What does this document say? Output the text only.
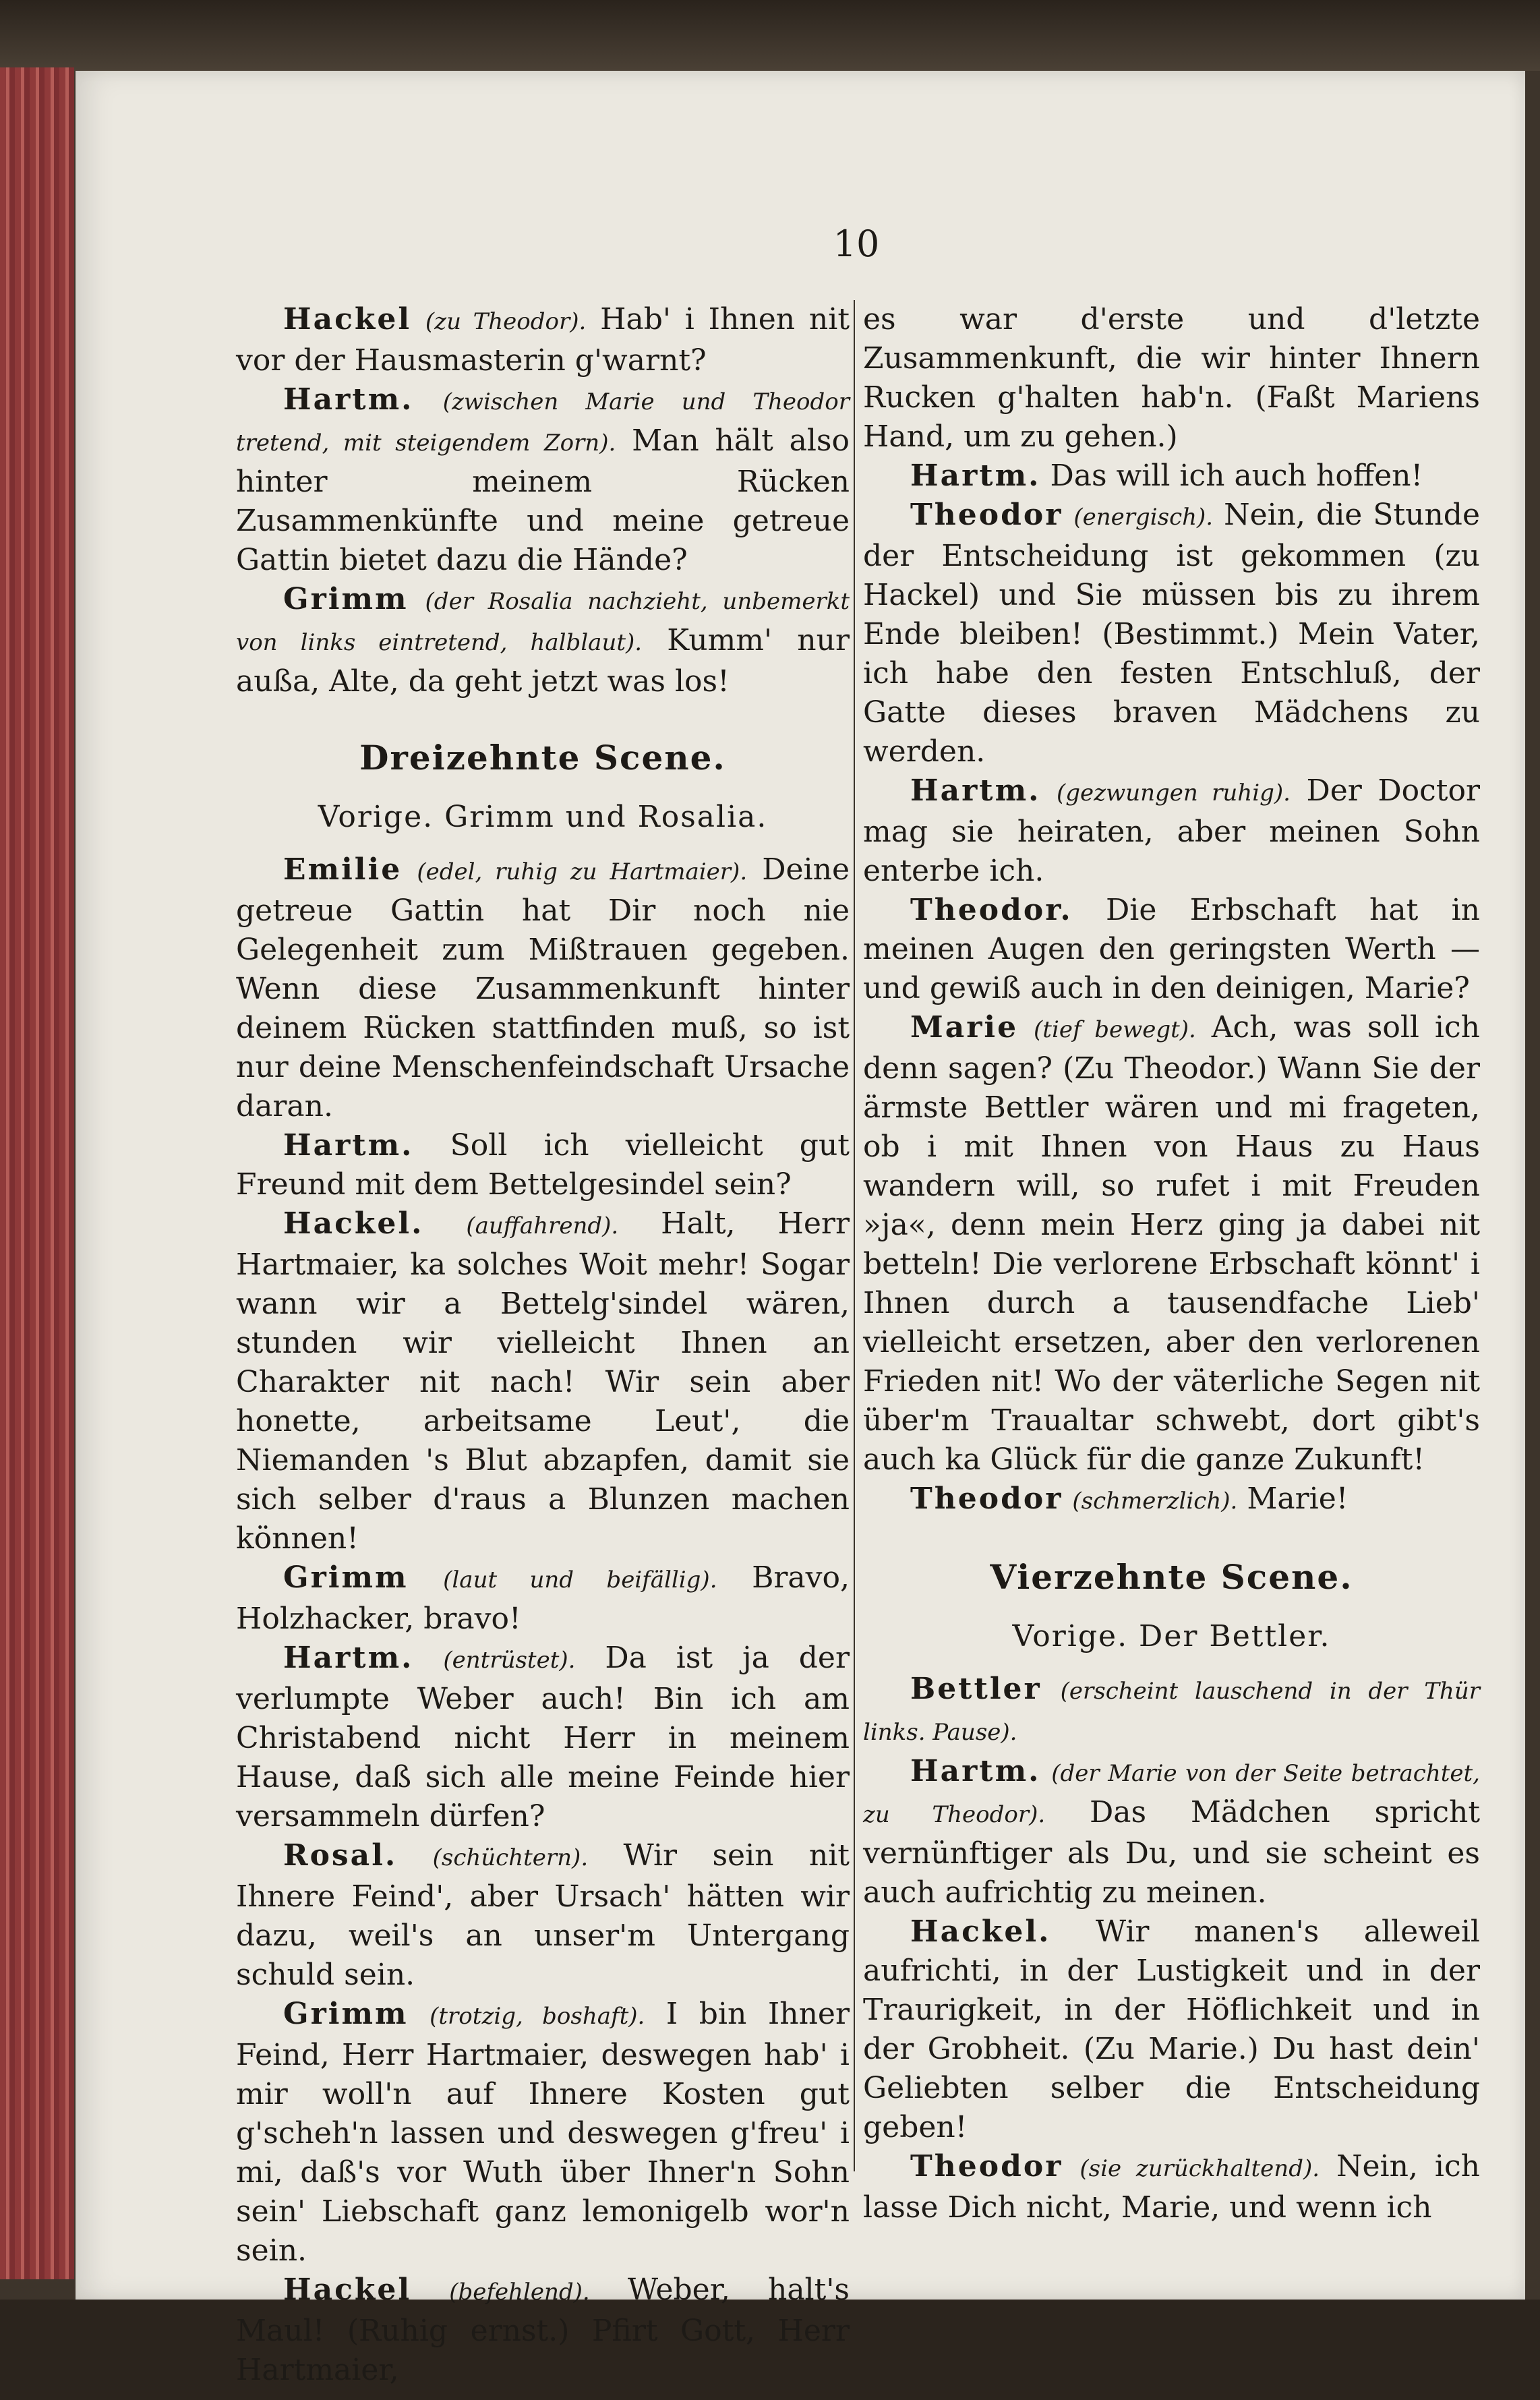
10

Hackel (zu Theodor). Hab' i Ihnen nit vor der Hausmasterin g'warnt?

Hartm. (zwischen Marie und Theodor tretend, mit steigendem Zorn). Man hält also hinter meinem Rücken Zusammenkünfte und meine getreue Gattin bietet dazu die Hände?

Grimm (der Rosalia nachzieht, unbemerkt von links eintretend, halblaut). Kumm' nur außa, Alte, da geht jetzt was los!

Dreizehnte Scene.

Vorige. Grimm und Rosalia.

Emilie (edel, ruhig zu Hartmaier). Deine getreue Gattin hat Dir noch nie Gelegenheit zum Mißtrauen gegeben. Wenn diese Zusammenkunft hinter deinem Rücken stattfinden muß, so ist nur deine Menschenfeindschaft Ursache daran.

Hartm. Soll ich vielleicht gut Freund mit dem Bettelgesindel sein?

Hackel. (auffahrend). Halt, Herr Hartmaier, ka solches Woit mehr! Sogar wann wir a Bettelg'sindel wären, stunden wir vielleicht Ihnen an Charakter nit nach! Wir sein aber honette, arbeitsame Leut', die Niemanden 's Blut abzapfen, damit sie sich selber d'raus a Blunzen machen können!

Grimm (laut und beifällig). Bravo, Holzhacker, bravo!

Hartm. (entrüstet). Da ist ja der verlumpte Weber auch! Bin ich am Christabend nicht Herr in meinem Hause, daß sich alle meine Feinde hier versammeln dürfen?

Rosal. (schüchtern). Wir sein nit Ihnere Feind', aber Ursach' hätten wir dazu, weil's an unser'm Untergang schuld sein.

Grimm (trotzig, boshaft). I bin Ihner Feind, Herr Hartmaier, deswegen hab' i mir woll'n auf Ihnere Kosten gut g'scheh'n lassen und deswegen g'freu' i mi, daß's vor Wuth über Ihner'n Sohn sein' Liebschaft ganz lemonigelb wor'n sein.

Hackel (befehlend). Weber, halt's Maul! (Ruhig ernst.) Pfirt Gott, Herr Hartmaier,

es war d'erste und d'letzte Zusammenkunft, die wir hinter Ihnern Rucken g'halten hab'n. (Faßt Mariens Hand, um zu gehen.)

Hartm. Das will ich auch hoffen!

Theodor (energisch). Nein, die Stunde der Entscheidung ist gekommen (zu Hackel) und Sie müssen bis zu ihrem Ende bleiben! (Bestimmt.) Mein Vater, ich habe den festen Entschluß, der Gatte dieses braven Mädchens zu werden.

Hartm. (gezwungen ruhig). Der Doctor mag sie heiraten, aber meinen Sohn enterbe ich.

Theodor. Die Erbschaft hat in meinen Augen den geringsten Werth — und gewiß auch in den deinigen, Marie?

Marie (tief bewegt). Ach, was soll ich denn sagen? (Zu Theodor.) Wann Sie der ärmste Bettler wären und mi frageten, ob i mit Ihnen von Haus zu Haus wandern will, so rufet i mit Freuden »ja«, denn mein Herz ging ja dabei nit betteln! Die verlorene Erbschaft könnt' i Ihnen durch a tausendfache Lieb' vielleicht ersetzen, aber den verlorenen Frieden nit! Wo der väterliche Segen nit über'm Traualtar schwebt, dort gibt's auch ka Glück für die ganze Zukunft!

Theodor (schmerzlich). Marie!

Vierzehnte Scene.

Vorige. Der Bettler.

Bettler (erscheint lauschend in der Thür links. Pause).

Hartm. (der Marie von der Seite betrachtet, zu Theodor). Das Mädchen spricht vernünftiger als Du, und sie scheint es auch aufrichtig zu meinen.

Hackel. Wir manen's alleweil aufrichti, in der Lustigkeit und in der Traurigkeit, in der Höflichkeit und in der Grobheit. (Zu Marie.) Du hast dein' Geliebten selber die Entscheidung geben!

Theodor (sie zurückhaltend). Nein, ich lasse Dich nicht, Marie, und wenn ich
